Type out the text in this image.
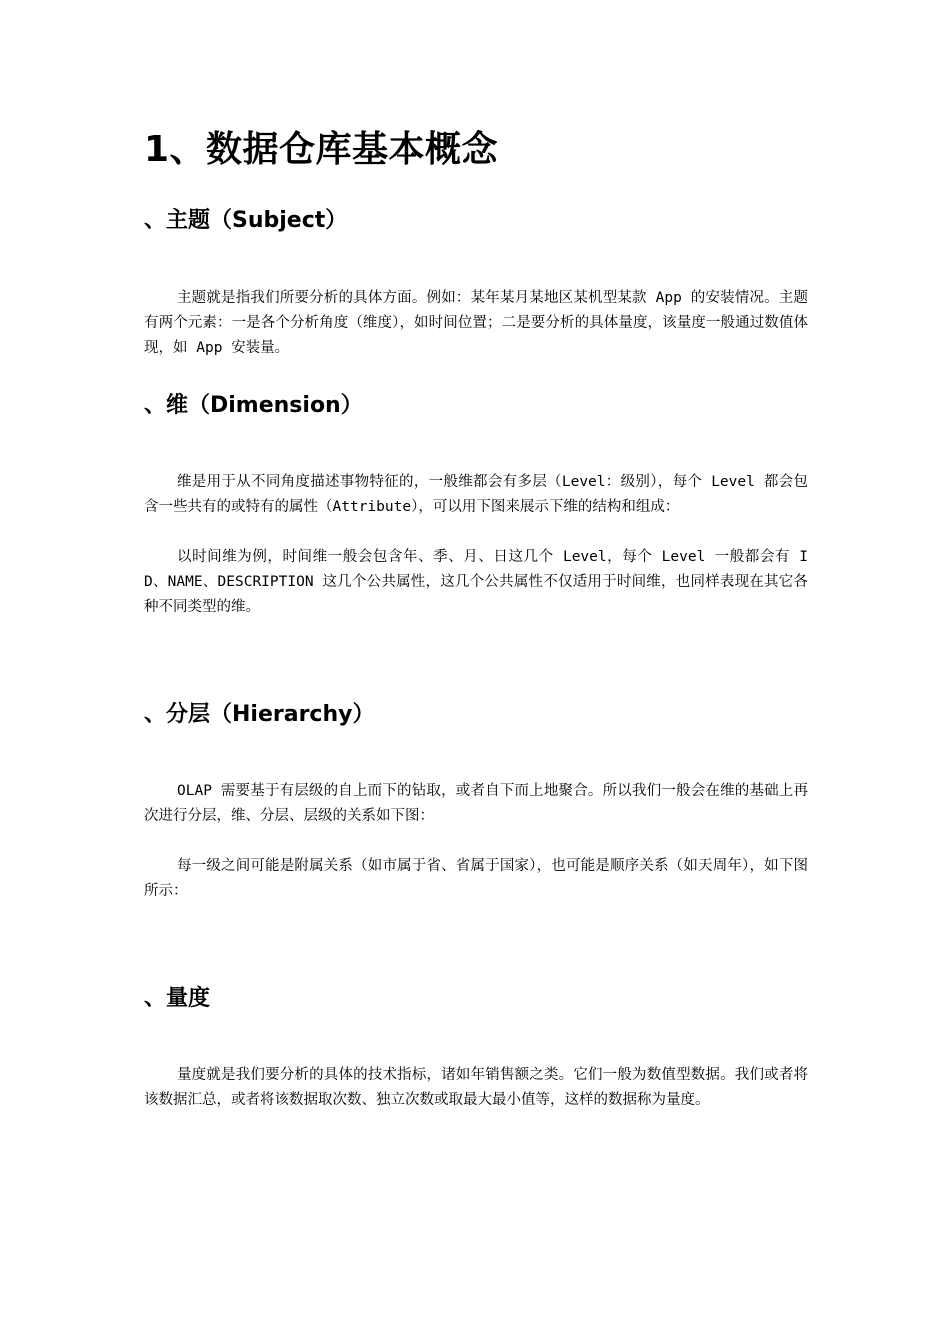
1、数据仓库基本概念
、主题（Subject）

主题就是指我们所要分析的具体方面。例如：某年某月某地区某机型某款 App 的安装情况。主题有两个元素：一是各个分析角度（维度），如时间位置；二是要分析的具体量度，该量度一般通过数值体现，如 App 安装量。

、维（Dimension）

维是用于从不同角度描述事物特征的，一般维都会有多层（Level：级别），每个 Level 都会包含一些共有的或特有的属性（Attribute），可以用下图来展示下维的结构和组成：

以时间维为例，时间维一般会包含年、季、月、日这几个 Level，每个 Level 一般都会有 ID、NAME、DESCRIPTION 这几个公共属性，这几个公共属性不仅适用于时间维，也同样表现在其它各种不同类型的维。

、分层（Hierarchy）

OLAP 需要基于有层级的自上而下的钻取，或者自下而上地聚合。所以我们一般会在维的基础上再次进行分层，维、分层、层级的关系如下图：

每一级之间可能是附属关系（如市属于省、省属于国家），也可能是顺序关系（如天周年），如下图所示：

、量度

量度就是我们要分析的具体的技术指标，诸如年销售额之类。它们一般为数值型数据。我们或者将该数据汇总，或者将该数据取次数、独立次数或取最大最小值等，这样的数据称为量度。
